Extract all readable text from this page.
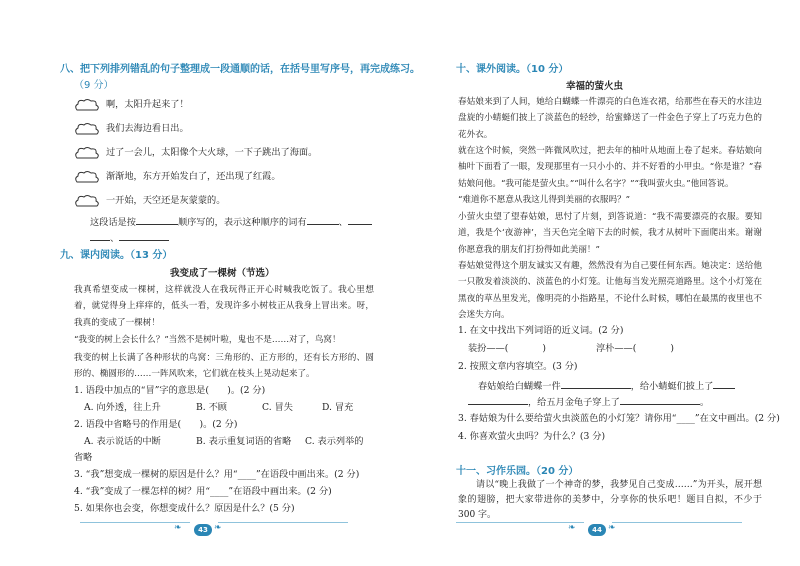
八、把下列排列错乱的句子整理成一段通顺的话，在括号里写序号，再完成练习。
（9 分）
啊，太阳升起来了！
我们去海边看日出。
过了一会儿，太阳像个大火球，一下子跳出了海面。
渐渐地，东方开始发白了，还出现了红霞。
一开始，天空还是灰蒙蒙的。
这段话是按	顺序写的，表示这种顺序的词有	、
、
九、课内阅读。（13 分）
我变成了一棵树（节选）
我真希望变成一棵树，这样就没人在我玩得正开心时喊我吃饭了。我心里想着，就觉得身上痒痒的，低头一看，发现许多小树枝正从我身上冒出来。呀，我真的变成了一棵树！
“我变的树上会长什么？”当然不是树叶啦，鬼也不是……对了，鸟窝！
我变的树上长满了各种形状的鸟窝：三角形的、正方形的，还有长方形的、圆形的、椭圆形的……一阵风吹来，它们就在枝头上晃动起来了。
1. 语段中加点的“冒”字的意思是(　　)。(2 分)
A. 向外透，往上升	B. 不顾	C. 冒失	D. 冒充
2. 语段中省略号的作用是(　　)。(2 分)
A. 表示说话的中断	B. 表示重复词语的省略 C. 表示列举的
省略
3. “我”想变成一棵树的原因是什么？用“____”在语段中画出来。(2 分)
4. “我”变成了一棵怎样的树？用“____”在语段中画出来。(2 分)
5. 如果你也会变，你想变成什么？原因是什么？(5 分)
❧	43 ❧
十、课外阅读。（10 分）
幸福的萤火虫
春姑娘来到了人间，她给白蝴蝶一件漂亮的白色连衣裙，给那些在春天的水洼边盘旋的小蜻蜓们披上了淡蓝色的轻纱，给蜜蜂送了一件金色子穿上了巧克力色的花外衣。
就在这个时候，突然一阵微风吹过，把去年的柚叶从地面上卷了起来。春姑娘向柚叶下面看了一眼，发现那里有一只小小的、并不好看的小甲虫。“你是谁？”春姑娘问他。“我可能是萤火虫。”“叫什么名字？”“我叫萤火虫。”他回答说。
“难道你不愿意从我这儿得到美丽的衣服吗？”
小萤火虫望了望春姑娘，思忖了片刻，到答说道：“我不需要漂亮的衣服。要知道，我是个‘夜游神’，当天色完全暗下去的时候，我才从树叶下面爬出来。谢谢你愿意我的朋友们打扮得如此美丽！”
春姑娘觉得这个朋友诚实又有趣，然然没有为自己要任何东西。她决定：送给他一只散发着淡淡的、淡蓝色的小灯笼。让他每当发光照亮道路里。这个小灯笼在黑夜的草丛里发光，像明亮的小指路星，不论什么时候，哪怕在最黑的夜里也不会迷失方向。
1. 在文中找出下列词语的近义词。(2 分)
装扮——(	)	淳朴——(	)
2. 按照文章内容填空。(3 分)
春姑娘给白蝴蝶一件	，给小蜻蜓们披上了
，给五月金龟子穿上了	。
3. 春姑娘为什么要给萤火虫淡蓝色的小灯笼？请你用“____”在文中画出。(2 分)
4. 你喜欢萤火虫吗？为什么？(3 分)
十一、习作乐园。（20 分）
请以“晚上我做了一个神奇的梦，我梦见自己变成……”为开头，展开想象的翅膀，把大家带进你的美梦中，分享你的快乐吧！题目自拟，不少于 300 字。
❧	44 ❧
